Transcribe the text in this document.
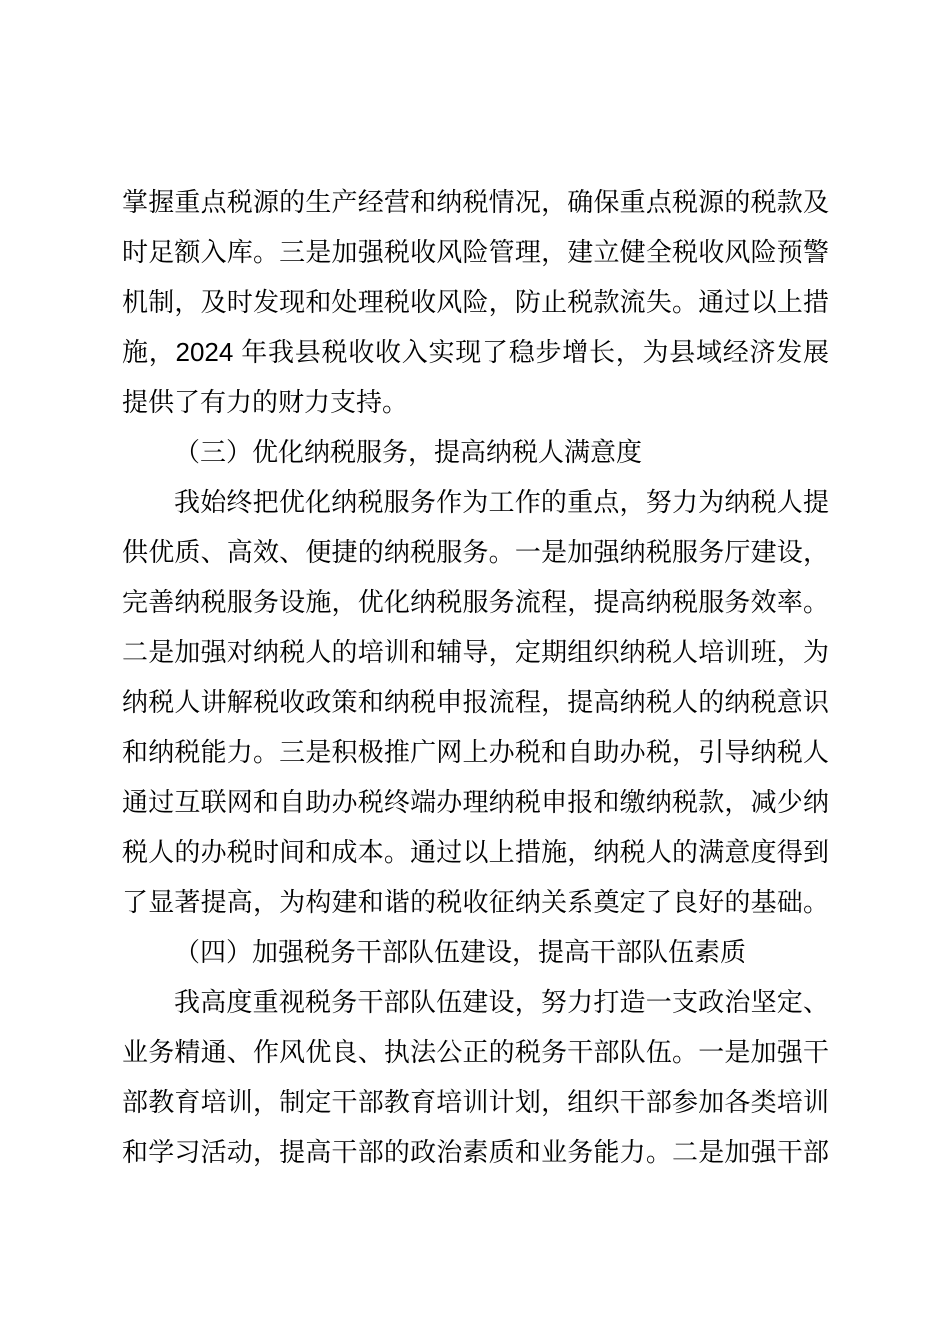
掌握重点税源的生产经营和纳税情况，确保重点税源的税款及
时足额入库。三是加强税收风险管理，建立健全税收风险预警
机制，及时发现和处理税收风险，防止税款流失。通过以上措
施，2024 年我县税收收入实现了稳步增长，为县域经济发展
提供了有力的财力支持。
（三）优化纳税服务，提高纳税人满意度
我始终把优化纳税服务作为工作的重点，努力为纳税人提
供优质、高效、便捷的纳税服务。一是加强纳税服务厅建设，
完善纳税服务设施，优化纳税服务流程，提高纳税服务效率。
二是加强对纳税人的培训和辅导，定期组织纳税人培训班，为
纳税人讲解税收政策和纳税申报流程，提高纳税人的纳税意识
和纳税能力。三是积极推广网上办税和自助办税，引导纳税人
通过互联网和自助办税终端办理纳税申报和缴纳税款，减少纳
税人的办税时间和成本。通过以上措施，纳税人的满意度得到
了显著提高，为构建和谐的税收征纳关系奠定了良好的基础。
（四）加强税务干部队伍建设，提高干部队伍素质
我高度重视税务干部队伍建设，努力打造一支政治坚定、
业务精通、作风优良、执法公正的税务干部队伍。一是加强干
部教育培训，制定干部教育培训计划，组织干部参加各类培训
和学习活动，提高干部的政治素质和业务能力。二是加强干部
